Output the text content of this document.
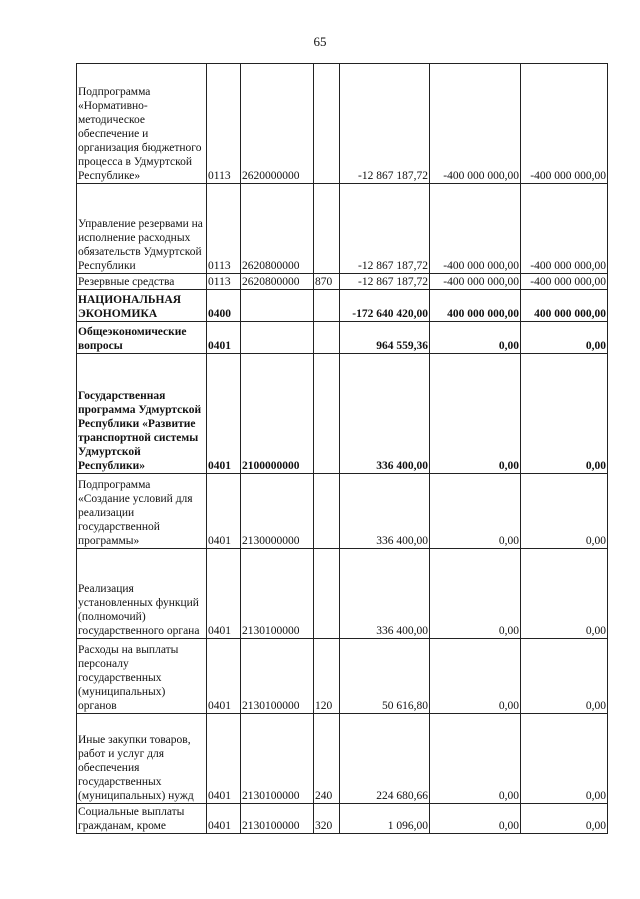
65
Подпрограмма «Нормативно-методическое обеспечение и организация бюджетного процесса в Удмуртской Республике»	0113	2620000000		-12 867 187,72	-400 000 000,00	-400 000 000,00
Управление резервами на исполнение расходных обязательств Удмуртской Республики	0113	2620800000		-12 867 187,72	-400 000 000,00	-400 000 000,00
Резервные средства	0113	2620800000	870	-12 867 187,72	-400 000 000,00	-400 000 000,00
НАЦИОНАЛЬНАЯ ЭКОНОМИКА	0400			-172 640 420,00	400 000 000,00	400 000 000,00
Общеэкономические вопросы	0401			964 559,36	0,00	0,00
Государственная программа Удмуртской Республики «Развитие транспортной системы Удмуртской Республики»	0401	2100000000		336 400,00	0,00	0,00
Подпрограмма «Создание условий для реализации государственной программы»	0401	2130000000		336 400,00	0,00	0,00
Реализация установленных функций (полномочий) государственного органа	0401	2130100000		336 400,00	0,00	0,00
Расходы на выплаты персоналу государственных (муниципальных) органов	0401	2130100000	120	50 616,80	0,00	0,00
Иные закупки товаров, работ и услуг для обеспечения государственных (муниципальных) нужд	0401	2130100000	240	224 680,66	0,00	0,00
Социальные выплаты гражданам, кроме	0401	2130100000	320	1 096,00	0,00	0,00
